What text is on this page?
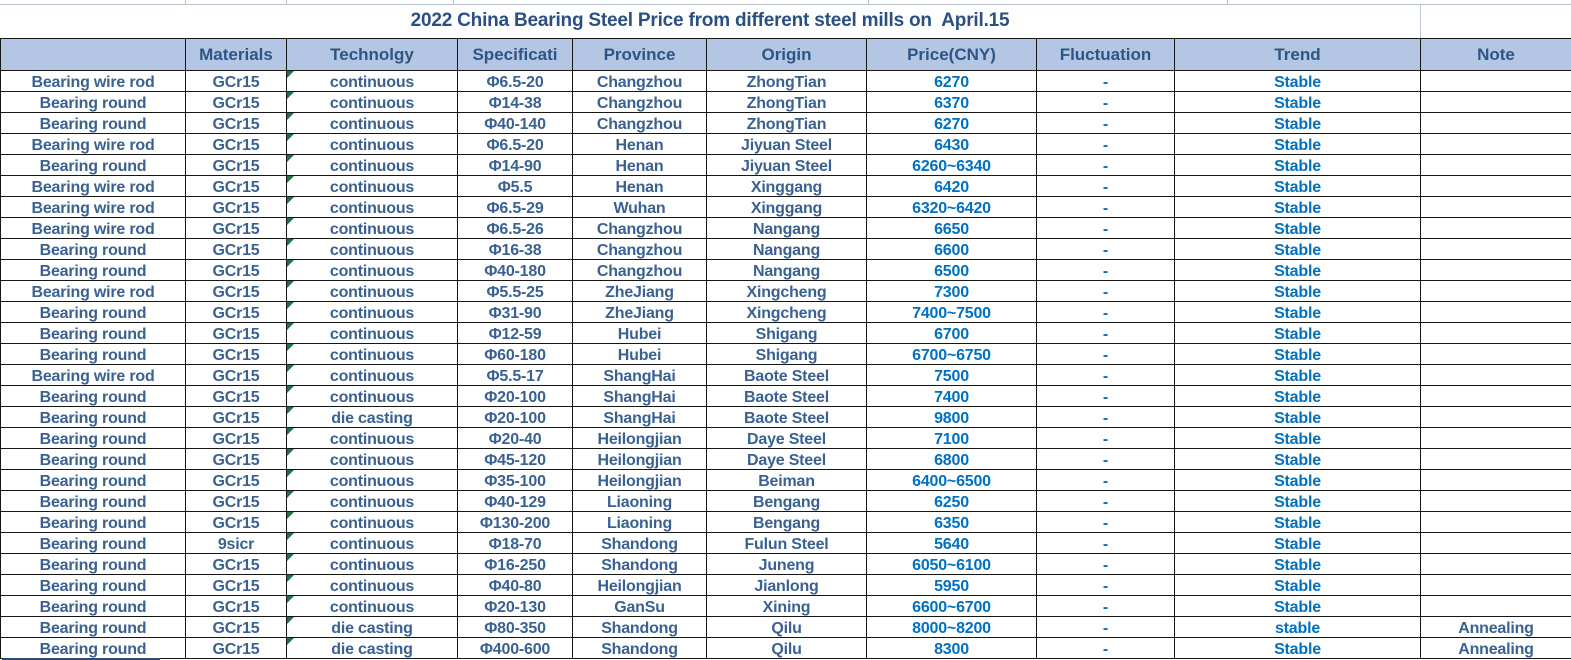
2022 China Bearing Steel Price from different steel mills on  April.15
	Materials	Technolgy	Specificati	Province	Origin	Price(CNY)	Fluctuation	Trend	Note
Bearing wire rod	GCr15	continuous	Φ6.5-20	Changzhou	ZhongTian	6270	-	Stable	
Bearing round	GCr15	continuous	Φ14-38	Changzhou	ZhongTian	6370	-	Stable	
Bearing round	GCr15	continuous	Φ40-140	Changzhou	ZhongTian	6270	-	Stable	
Bearing wire rod	GCr15	continuous	Φ6.5-20	Henan	Jiyuan Steel	6430	-	Stable	
Bearing round	GCr15	continuous	Φ14-90	Henan	Jiyuan Steel	6260~6340	-	Stable	
Bearing wire rod	GCr15	continuous	Φ5.5	Henan	Xinggang	6420	-	Stable	
Bearing wire rod	GCr15	continuous	Φ6.5-29	Wuhan	Xinggang	6320~6420	-	Stable	
Bearing wire rod	GCr15	continuous	Φ6.5-26	Changzhou	Nangang	6650	-	Stable	
Bearing round	GCr15	continuous	Φ16-38	Changzhou	Nangang	6600	-	Stable	
Bearing round	GCr15	continuous	Φ40-180	Changzhou	Nangang	6500	-	Stable	
Bearing wire rod	GCr15	continuous	Φ5.5-25	ZheJiang	Xingcheng	7300	-	Stable	
Bearing round	GCr15	continuous	Φ31-90	ZheJiang	Xingcheng	7400~7500	-	Stable	
Bearing round	GCr15	continuous	Φ12-59	Hubei	Shigang	6700	-	Stable	
Bearing round	GCr15	continuous	Φ60-180	Hubei	Shigang	6700~6750	-	Stable	
Bearing wire rod	GCr15	continuous	Φ5.5-17	ShangHai	Baote Steel	7500	-	Stable	
Bearing round	GCr15	continuous	Φ20-100	ShangHai	Baote Steel	7400	-	Stable	
Bearing round	GCr15	die casting	Φ20-100	ShangHai	Baote Steel	9800	-	Stable	
Bearing round	GCr15	continuous	Φ20-40	Heilongjian	Daye Steel	7100	-	Stable	
Bearing round	GCr15	continuous	Φ45-120	Heilongjian	Daye Steel	6800	-	Stable	
Bearing round	GCr15	continuous	Φ35-100	Heilongjian	Beiman	6400~6500	-	Stable	
Bearing round	GCr15	continuous	Φ40-129	Liaoning	Bengang	6250	-	Stable	
Bearing round	GCr15	continuous	Φ130-200	Liaoning	Bengang	6350	-	Stable	
Bearing round	9sicr	continuous	Φ18-70	Shandong	Fulun Steel	5640	-	Stable	
Bearing round	GCr15	continuous	Φ16-250	Shandong	Juneng	6050~6100	-	Stable	
Bearing round	GCr15	continuous	Φ40-80	Heilongjian	Jianlong	5950	-	Stable	
Bearing round	GCr15	continuous	Φ20-130	GanSu	Xining	6600~6700	-	Stable	
Bearing round	GCr15	die casting	Φ80-350	Shandong	Qilu	8000~8200	-	stable	Annealing
Bearing round	GCr15	die casting	Φ400-600	Shandong	Qilu	8300	-	Stable	Annealing
